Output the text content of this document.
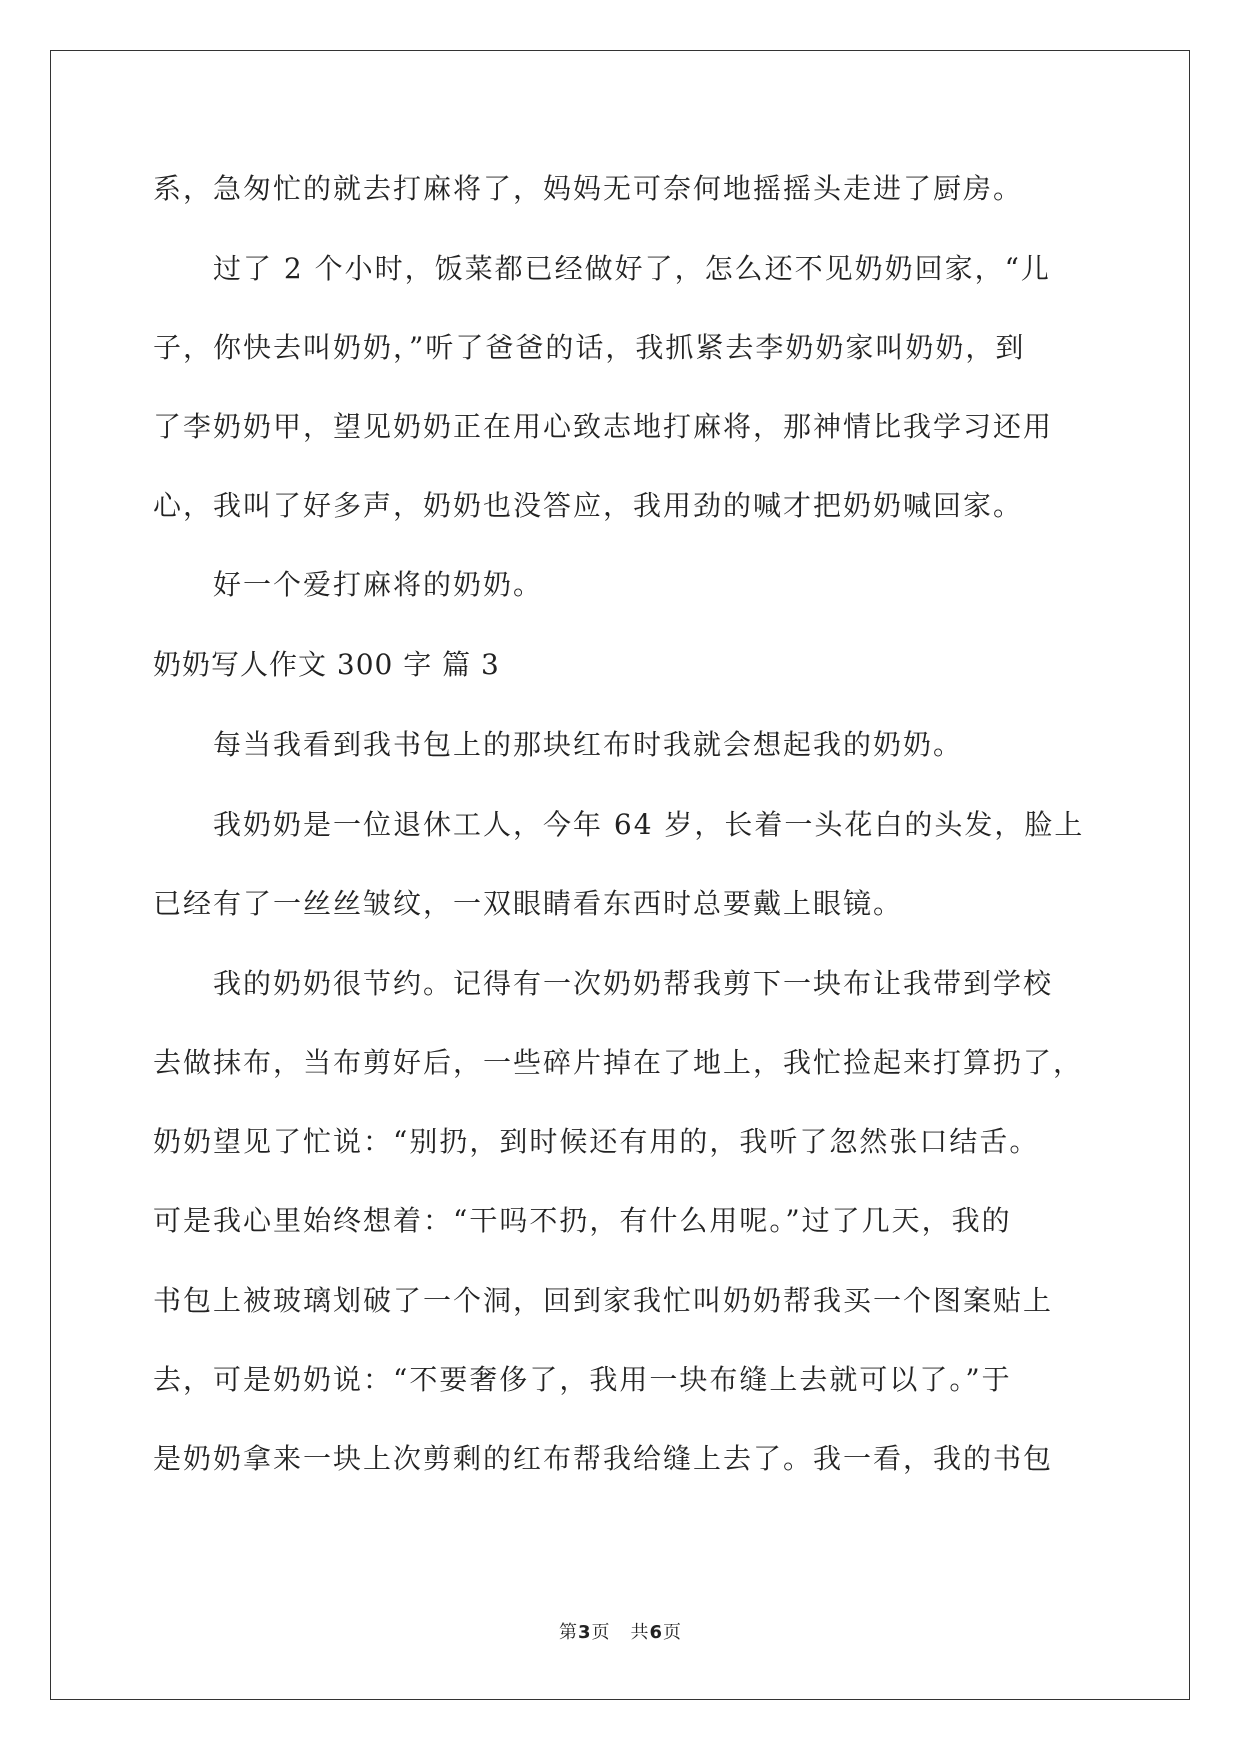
系，急匆忙的就去打麻将了，妈妈无可奈何地摇摇头走进了厨房。
过了 2 个小时，饭菜都已经做好了，怎么还不见奶奶回家，“儿
子，你快去叫奶奶，”听了爸爸的话，我抓紧去李奶奶家叫奶奶，到
了李奶奶甲，望见奶奶正在用心致志地打麻将，那神情比我学习还用
心，我叫了好多声，奶奶也没答应，我用劲的喊才把奶奶喊回家。
好一个爱打麻将的奶奶。
奶奶写人作文 300 字 篇 3
每当我看到我书包上的那块红布时我就会想起我的奶奶。
我奶奶是一位退休工人，今年 64 岁，长着一头花白的头发，脸上
已经有了一丝丝皱纹，一双眼睛看东西时总要戴上眼镜。
我的奶奶很节约。记得有一次奶奶帮我剪下一块布让我带到学校
去做抹布，当布剪好后，一些碎片掉在了地上，我忙捡起来打算扔了，
奶奶望见了忙说：“别扔，到时候还有用的，我听了忽然张口结舌。
可是我心里始终想着：“干吗不扔，有什么用呢。”过了几天，我的
书包上被玻璃划破了一个洞，回到家我忙叫奶奶帮我买一个图案贴上
去，可是奶奶说：“不要奢侈了，我用一块布缝上去就可以了。”于
是奶奶拿来一块上次剪剩的红布帮我给缝上去了。我一看，我的书包
第3页 共6页
